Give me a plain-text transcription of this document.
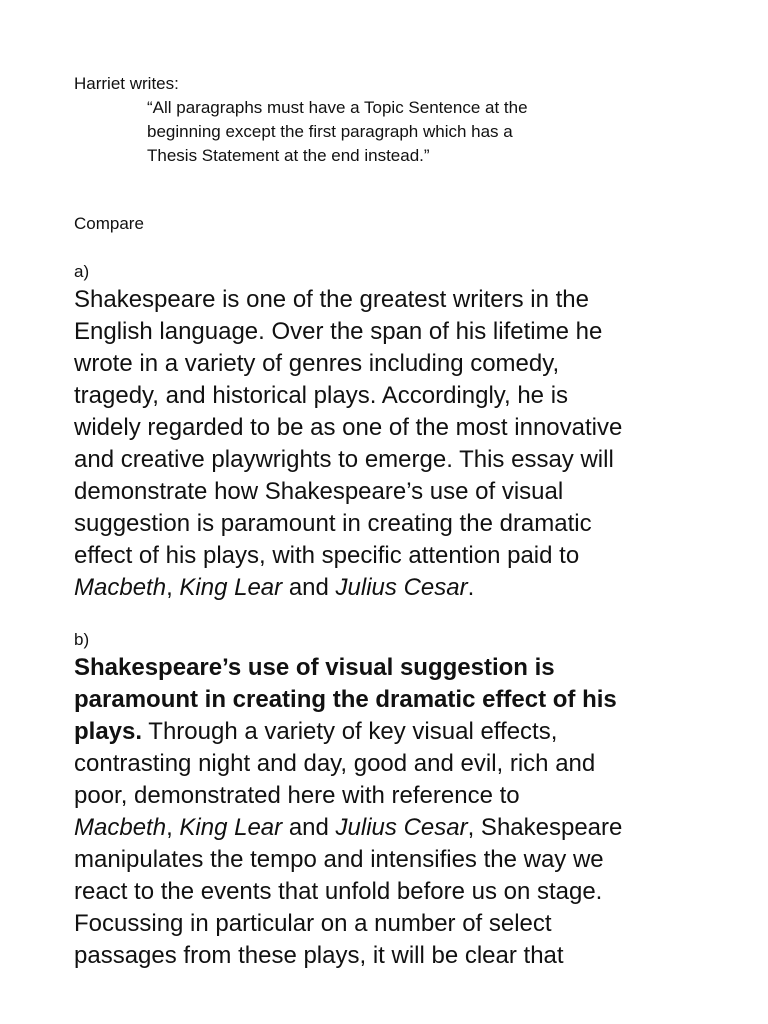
Harriet writes:

“All paragraphs must have a Topic Sentence at the
beginning except the first paragraph which has a
Thesis Statement at the end instead.”

Compare

a)

Shakespeare is one of the greatest writers in the
English language. Over the span of his lifetime he
wrote in a variety of genres including comedy,
tragedy, and historical plays. Accordingly, he is
widely regarded to be as one of the most innovative
and creative playwrights to emerge. This essay will
demonstrate how Shakespeare’s use of visual
suggestion is paramount in creating the dramatic
effect of his plays, with specific attention paid to
Macbeth, King Lear and Julius Cesar.

b)

Shakespeare’s use of visual suggestion is
paramount in creating the dramatic effect of his
plays. Through a variety of key visual effects,
contrasting night and day, good and evil, rich and
poor, demonstrated here with reference to
Macbeth, King Lear and Julius Cesar, Shakespeare
manipulates the tempo and intensifies the way we
react to the events that unfold before us on stage.
Focussing in particular on a number of select
passages from these plays, it will be clear that
